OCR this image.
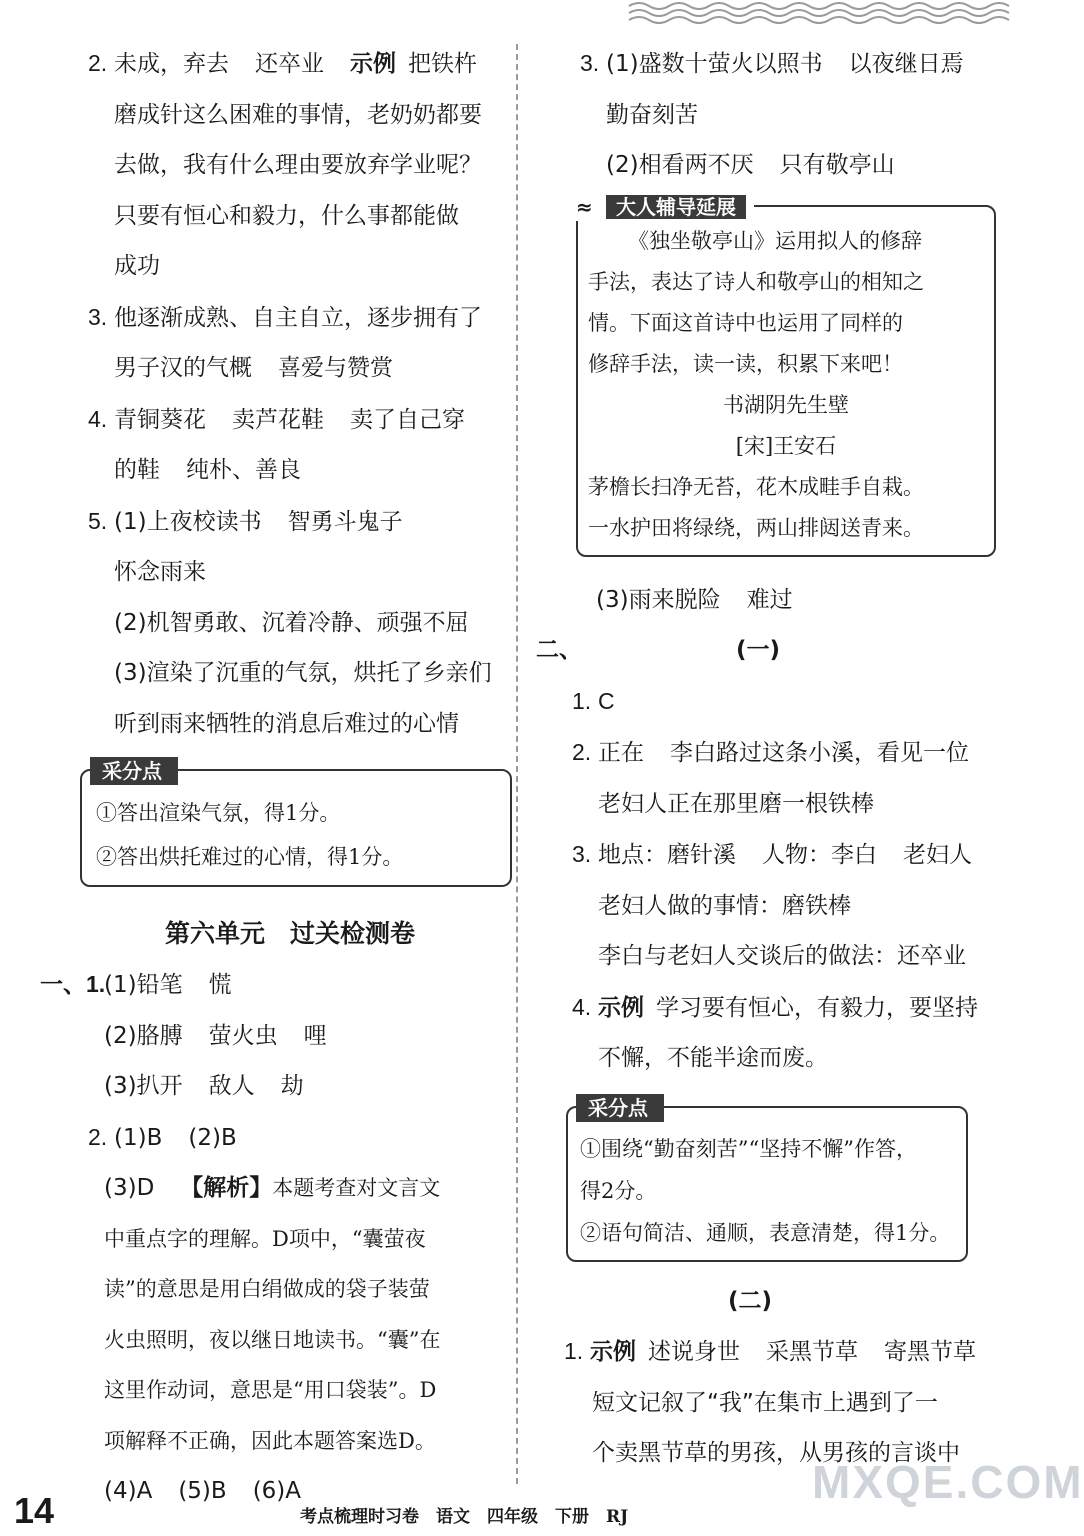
2. 未成，弃去 还卒业 示例 把铁杵
磨成针这么困难的事情，老奶奶都要
去做，我有什么理由要放弃学业呢？
只要有恒心和毅力，什么事都能做
成功
3. 他逐渐成熟、自主自立，逐步拥有了
男子汉的气概 喜爱与赞赏
4. 青铜葵花 卖芦花鞋 卖了自己穿
的鞋 纯朴、善良
5. (1)上夜校读书 智勇斗鬼子
怀念雨来
(2)机智勇敢、沉着冷静、顽强不屈
(3)渲染了沉重的气氛，烘托了乡亲们
听到雨来牺牲的消息后难过的心情
采分点
①答出渲染气氛，得1分。
②答出烘托难过的心情，得1分。
第六单元　过关检测卷
一、1.(1)铅笔 慌
(2)胳膊 萤火虫 哩
(3)扒开 敌人 劫
2. (1)B (2)B
(3)D 【解析】本题考查对文言文
中重点字的理解。D项中，“囊萤夜
读”的意思是用白绢做成的袋子装萤
火虫照明，夜以继日地读书。“囊”在
这里作动词，意思是“用口袋装”。D
项解释不正确，因此本题答案选D。
(4)A (5)B (6)A
3. (1)盛数十萤火以照书 以夜继日焉
勤奋刻苦
(2)相看两不厌 只有敬亭山
≈ 大人辅导延展
《独坐敬亭山》运用拟人的修辞
手法，表达了诗人和敬亭山的相知之
情。下面这首诗中也运用了同样的
修辞手法，读一读，积累下来吧！
书湖阴先生壁
[宋]王安石
茅檐长扫净无苔，花木成畦手自栽。
一水护田将绿绕，两山排闼送青来。
(3)雨来脱险 难过
二、	(一)
1. C
2. 正在 李白路过这条小溪，看见一位
老妇人正在那里磨一根铁棒
3. 地点：磨针溪 人物：李白 老妇人
老妇人做的事情：磨铁棒
李白与老妇人交谈后的做法：还卒业
4. 示例 学习要有恒心，有毅力，要坚持
不懈，不能半途而废。
采分点
①围绕“勤奋刻苦”“坚持不懈”作答，
得2分。
②语句简洁、通顺，表意清楚，得1分。
(二)
1. 示例 述说身世 采黑节草 寄黑节草
短文记叙了“我”在集市上遇到了一
个卖黑节草的男孩，从男孩的言谈中
MXQE.COM
14	考点梳理时习卷　语文　四年级　下册　RJ
